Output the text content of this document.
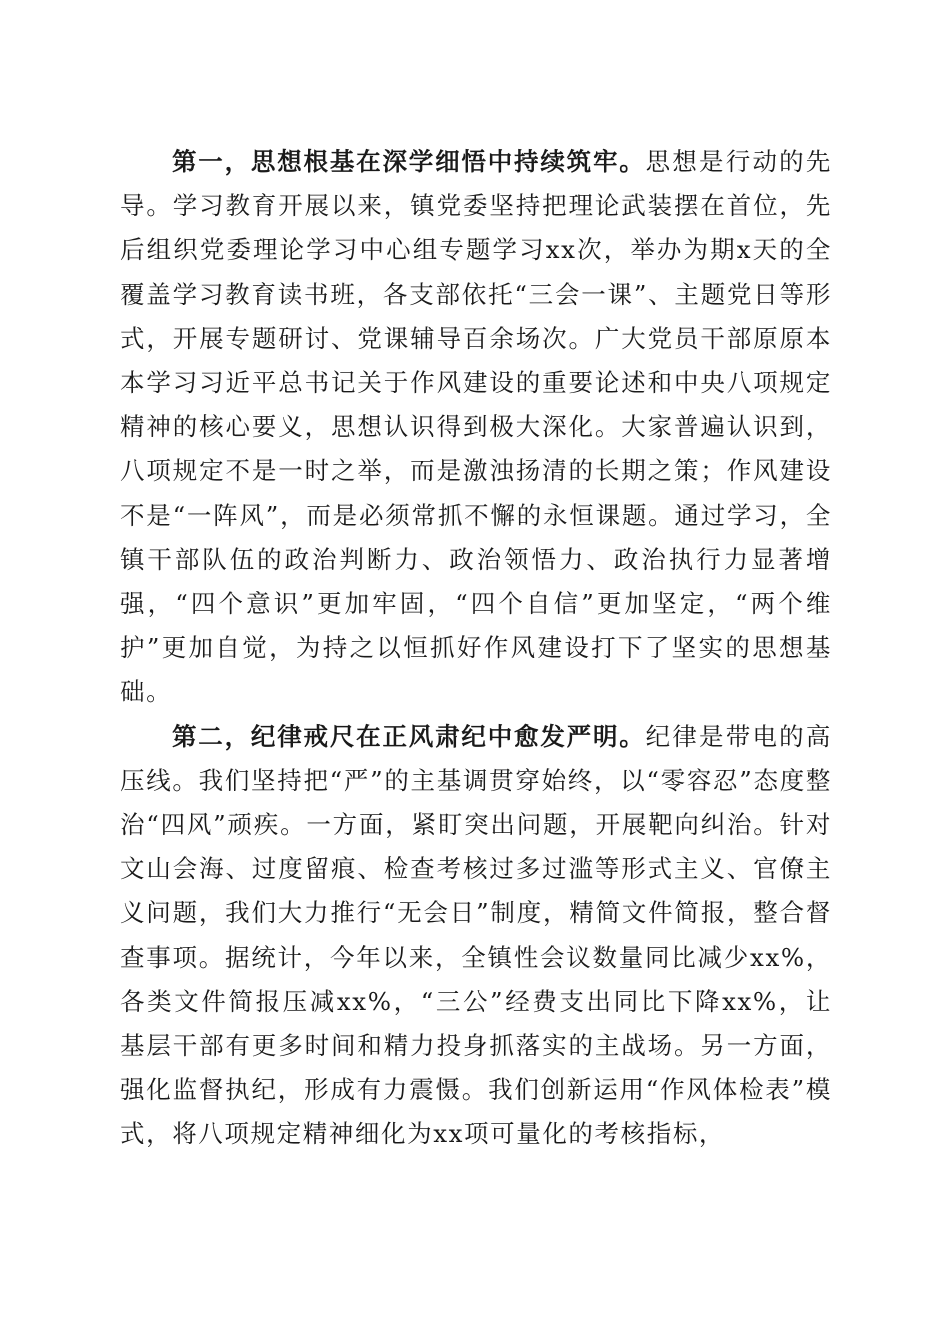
第一，思想根基在深学细悟中持续筑牢。思想是行动的先导。学习教育开展以来，镇党委坚持把理论武装摆在首位，先后组织党委理论学习中心组专题学习xx次，举办为期x天的全覆盖学习教育读书班，各支部依托“三会一课”、主题党日等形式，开展专题研讨、党课辅导百余场次。广大党员干部原原本本学习习近平总书记关于作风建设的重要论述和中央八项规定精神的核心要义，思想认识得到极大深化。大家普遍认识到，八项规定不是一时之举，而是激浊扬清的长期之策；作风建设不是“一阵风”，而是必须常抓不懈的永恒课题。通过学习，全镇干部队伍的政治判断力、政治领悟力、政治执行力显著增强，“四个意识”更加牢固，“四个自信”更加坚定，“两个维护”更加自觉，为持之以恒抓好作风建设打下了坚实的思想基础。

第二，纪律戒尺在正风肃纪中愈发严明。纪律是带电的高压线。我们坚持把“严”的主基调贯穿始终，以“零容忍”态度整治“四风”顽疾。一方面，紧盯突出问题，开展靶向纠治。针对文山会海、过度留痕、检查考核过多过滥等形式主义、官僚主义问题，我们大力推行“无会日”制度，精简文件简报，整合督查事项。据统计，今年以来，全镇性会议数量同比减少xx%，各类文件简报压减xx%，“三公”经费支出同比下降xx%，让基层干部有更多时间和精力投身抓落实的主战场。另一方面，强化监督执纪，形成有力震慑。我们创新运用“作风体检表”模式，将八项规定精神细化为xx项可量化的考核指标，
